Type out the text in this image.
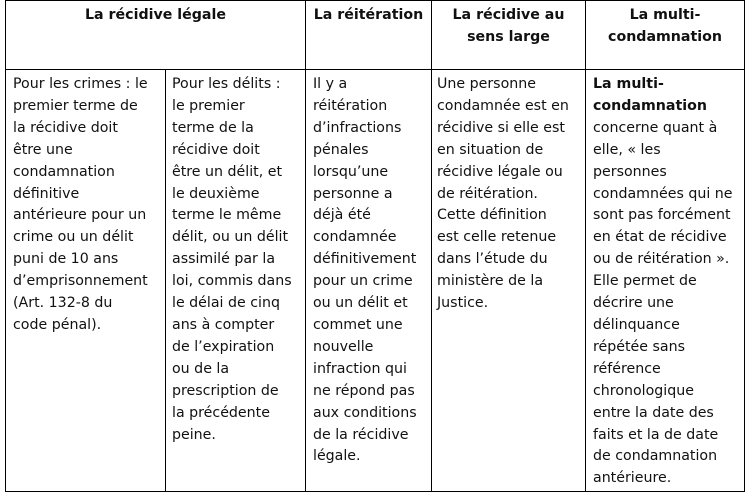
La récidive légale	La réitération	La récidive au
sens large
La multi-
condamnation
Pour les crimes : le
premier terme de
la récidive doit
être une
condamnation
définitive
antérieure pour un
crime ou un délit
puni de 10 ans
d’emprisonnement
(Art. 132-8 du
code pénal).
Pour les délits :
le premier
terme de la
récidive doit
être un délit, et
le deuxième
terme le même
délit, ou un délit
assimilé par la
loi, commis dans
le délai de cinq
ans à compter
de l’expiration
ou de la
prescription de
la précédente
peine.
Il y a
réitération
d’infractions
pénales
lorsqu’une
personne a
déjà été
condamnée
définitivement
pour un crime
ou un délit et
commet une
nouvelle
infraction qui
ne répond pas
aux conditions
de la récidive
légale.
Une personne
condamnée est en
récidive si elle est
en situation de
récidive légale ou
de réitération.
Cette définition
est celle retenue
dans l’étude du
ministère de la
Justice.
La multi-
condamnation
concerne quant à
elle, « les
personnes
condamnées qui ne
sont pas forcément
en état de récidive
ou de réitération ».
Elle permet de
décrire une
délinquance
répétée sans
référence
chronologique
entre la date des
faits et la de date
de condamnation
antérieure.
